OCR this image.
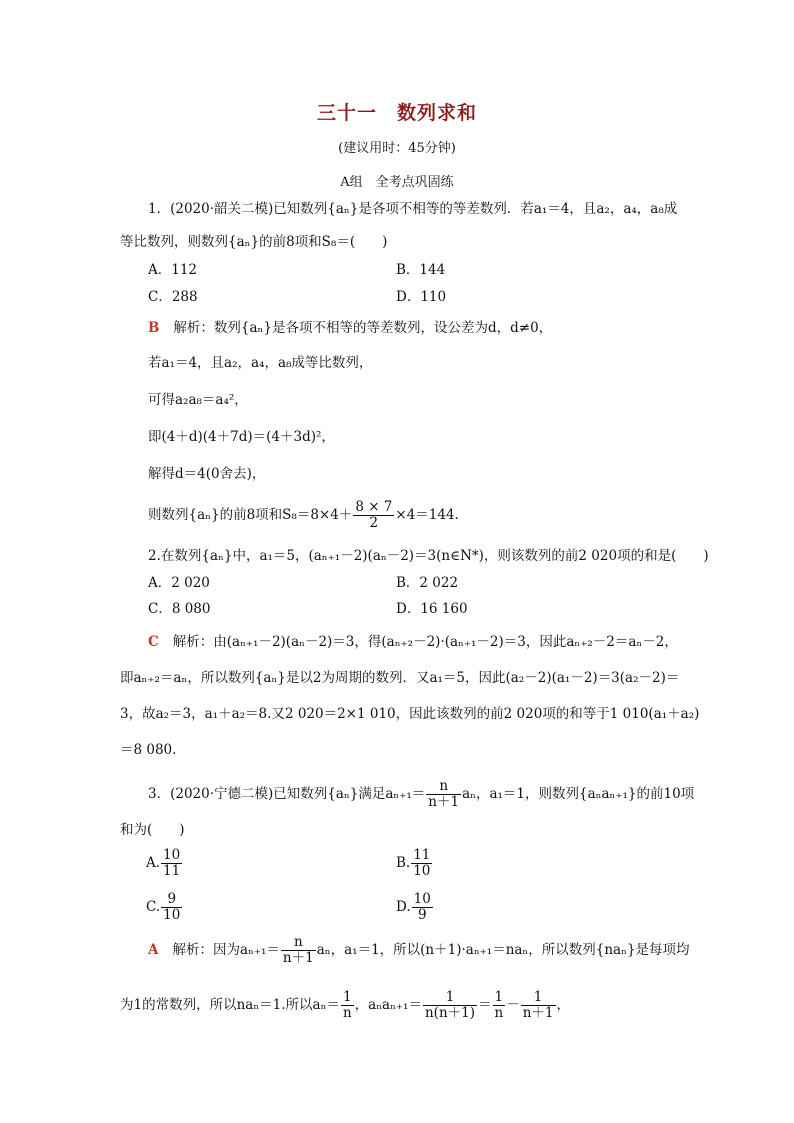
三十一　数列求和
(建议用时：45分钟)
A组　全考点巩固练
1．(2020·韶关二模)已知数列{aₙ}是各项不相等的等差数列．若a₁＝4，且a₂，a₄，a₈成
等比数列，则数列{aₙ}的前8项和S₈＝(　　)
A．112	B．144
C．288	D．110
B 解析：数列{aₙ}是各项不相等的等差数列，设公差为d，d≠0，
若a₁＝4，且a₂，a₄，a₈成等比数列，
可得a₂a₈＝a₄²，
即(4＋d)(4＋7d)＝(4＋3d)²，
解得d＝4(0舍去)，
则数列{aₙ}的前8项和$S_8=8\times 4+ \frac{8 \times 7}{2} \times 4=144$.
2.在数列{aₙ}中，a₁＝5，(aₙ₊₁－2)(aₙ－2)＝3(n∈N*)，则该数列的前2 020项的和是(　　)
A．2 020	B．2 022
C．8 080	D．16 160
C 解析：由(aₙ₊₁－2)(aₙ－2)＝3，得(aₙ₊₂－2)·(aₙ₊₁－2)＝3，因此aₙ₊₂－2＝aₙ－2，
即aₙ₊₂＝aₙ，所以数列{aₙ}是以2为周期的数列．又a₁＝5，因此(a₂－2)(a₁－2)＝3(a₂－2)＝
3，故a₂＝3，a₁＋a₂＝8.又2 020＝2×1 010，因此该数列的前2 020项的和等于1 010(a₁＋a₂)
＝8 080.
3．(2020·宁德二模)已知数列{aₙ}满足$a_{n+1}= \frac{n}{n+1}$ aₙ，a₁＝1，则数列{aₙaₙ₊₁}的前10项
和为(　　)
A. $\frac{10}{11}$	B. $\frac{11}{10}$
C. $\frac{9}{10}$	D. $\frac{10}{9}$
A 解析：因为$a_{n+1}= \frac{n}{n+1}$ aₙ，a₁＝1，所以(n＋1)·aₙ₊₁＝naₙ，所以数列{naₙ}是每项均
为1的常数列，所以naₙ＝1.所以$a_n= \frac{1}{n}$ ，$a_na_{n+1}= \frac{1}{n(n+1)} = \frac{1}{n} - \frac{1}{n+1}$ ，
